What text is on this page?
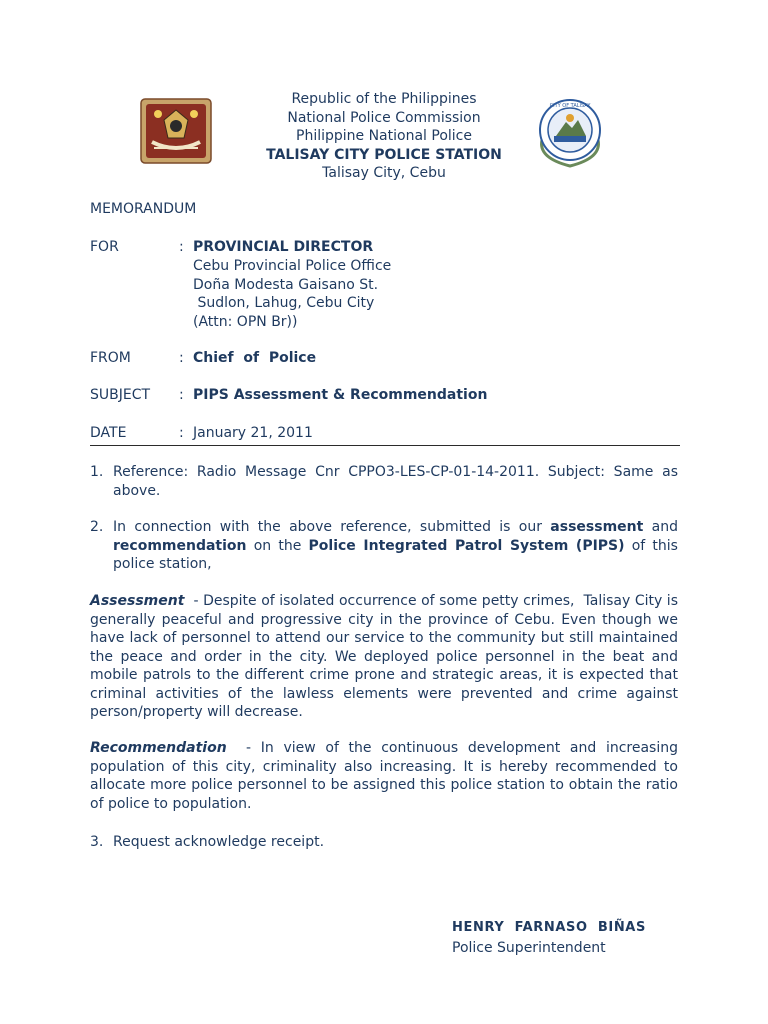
CITY OF TALISAY
Republic of the Philippines
National Police Commission
Philippine National Police
TALISAY CITY POLICE STATION
Talisay City, Cebu
MEMORANDUM
FOR	: PROVINCIAL DIRECTOR
Cebu Provincial Police Office
Doña Modesta Gaisano St.
Sudlon, Lahug, Cebu City
(Attn: OPN Br))
FROM	: Chief  of  Police
SUBJECT	: PIPS Assessment & Recommendation
DATE	: January 21, 2011
1. Reference: Radio Message Cnr CPPO3-LES-CP-01-14-2011. Subject: Same as above.
2. In connection with the above reference, submitted is our assessment and recommendation on the Police Integrated Patrol System (PIPS) of this police station,
Assessment  - Despite of isolated occurrence of some petty crimes,  Talisay City is generally peaceful and progressive city in the province of Cebu. Even though we have lack of personnel to attend our service to the community but still maintained the peace and order in the city. We deployed police personnel in the beat and mobile patrols to the different crime prone and strategic areas, it is expected that criminal activities of the lawless elements were prevented and crime against person/property will decrease.
Recommendation  - In view of the continuous development and increasing population of this city, criminality also increasing. It is hereby recommended to allocate more police personnel to be assigned this police station to obtain the ratio of police to population.
3. Request acknowledge receipt.
HENRY  FARNASO  BIÑAS
Police Superintendent
